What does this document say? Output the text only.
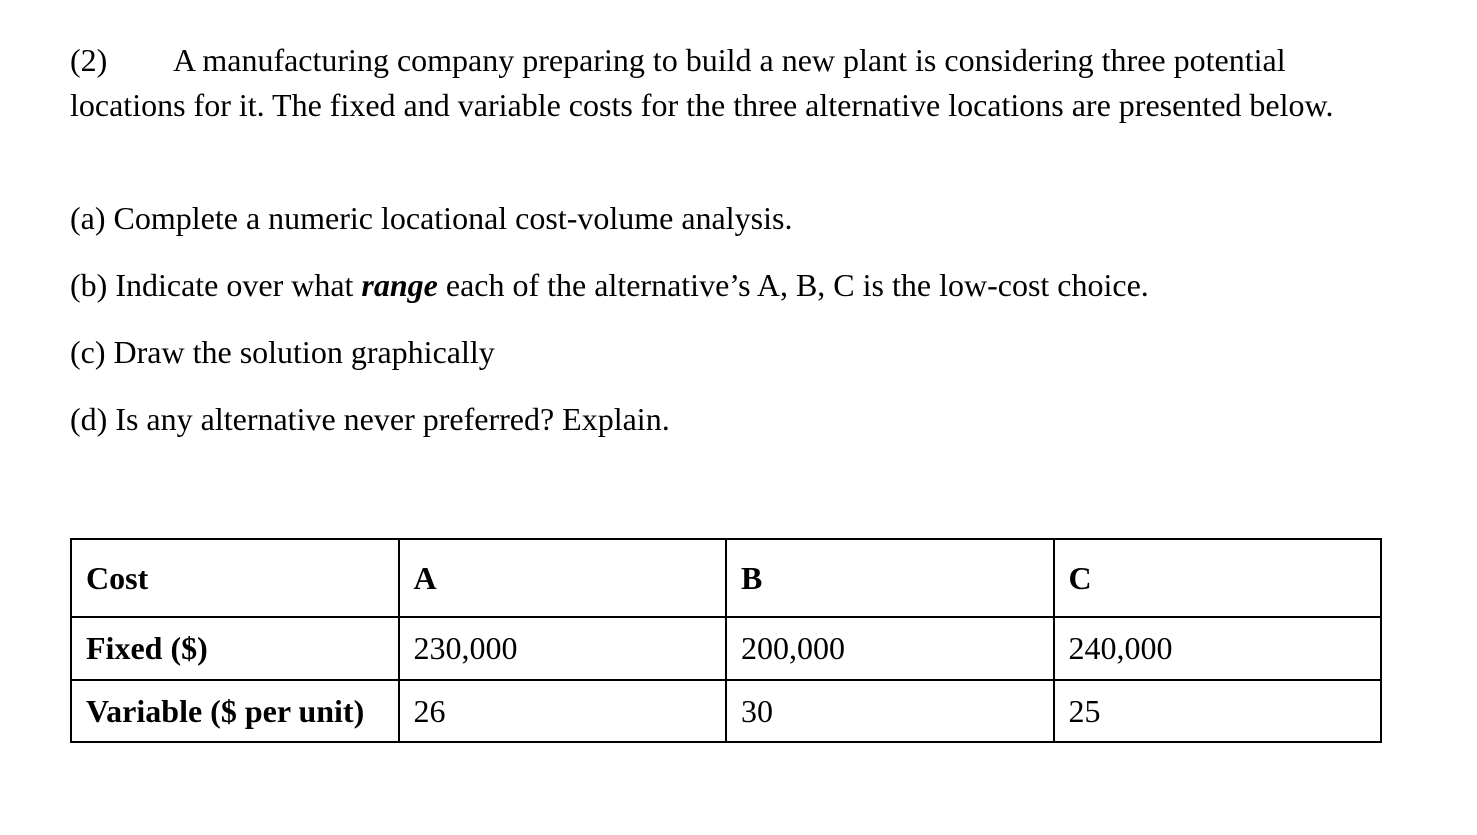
(2) A manufacturing company preparing to build a new plant is considering three potential locations for it. The fixed and variable costs for the three alternative locations are presented below.

(a) Complete a numeric locational cost-volume analysis.

(b) Indicate over what range each of the alternative’s A, B, C is the low-cost choice.

(c) Draw the solution graphically

(d) Is any alternative never preferred? Explain.

Cost	A	B	C
Fixed ($)	230,000	200,000	240,000
Variable ($ per unit)	26	30	25
